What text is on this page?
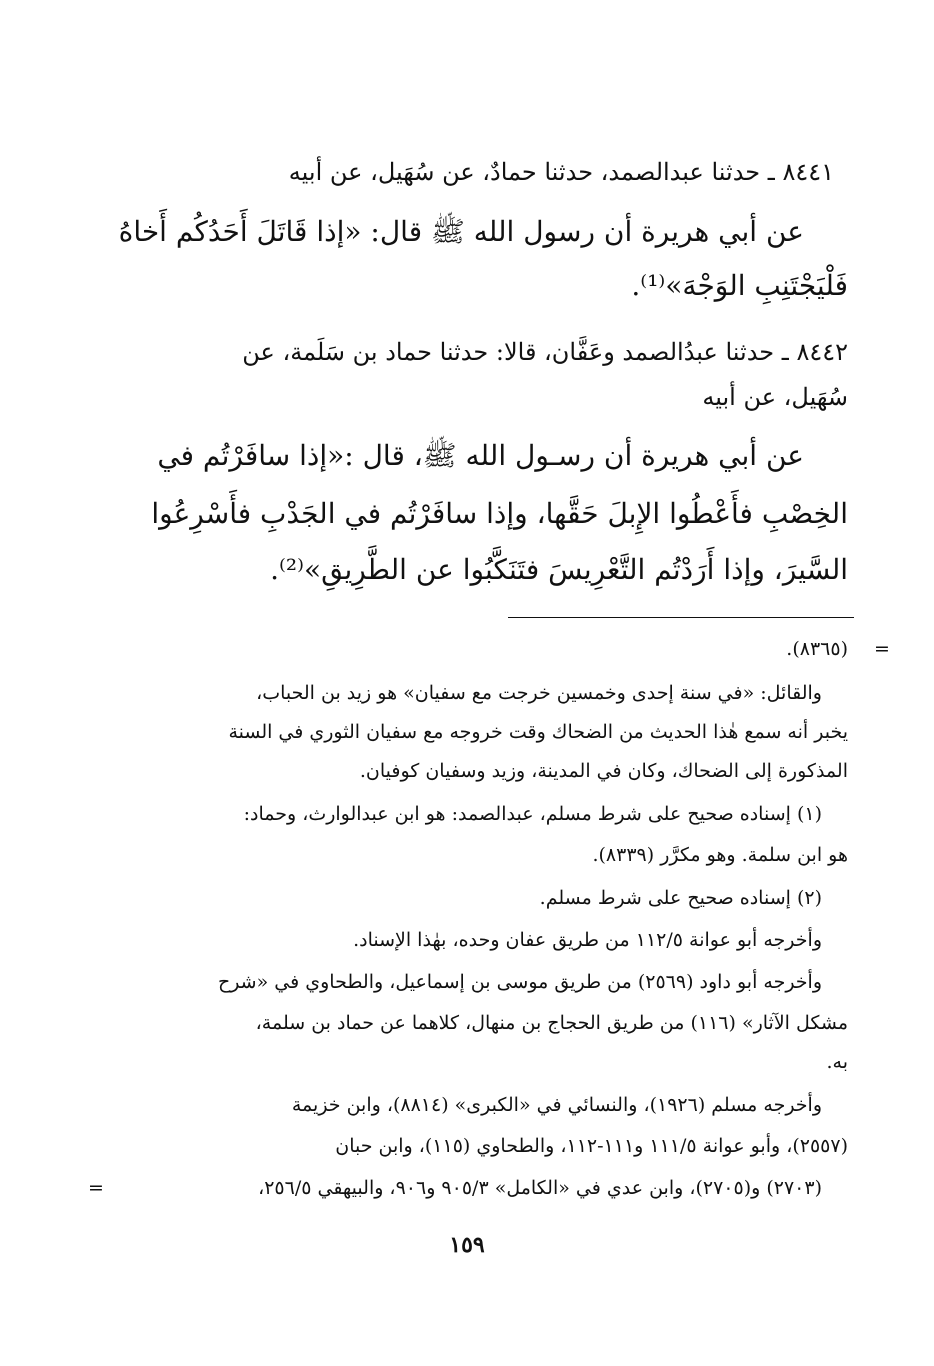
٨٤٤١ ـ حدثنا عبدالصمد، حدثنا حمادٌ، عن سُهَيل، عن أبيه
عن أبي هريرة أن رسول الله ﷺ قال: «إذا قَاتَلَ أَحَدُكُم أَخاهُ
فَلْيَجْتَنِبِ الوَجْهَ»⁽¹⁾.
٨٤٤٢ ـ حدثنا عبدُالصمد وعَفَّان، قالا: حدثنا حماد بن سَلَمة، عن
سُهَيل، عن أبيه
عن أبي هريرة أن رسـول الله ﷺ، قال :«إذا سافَرْتُم في
الخِصْبِ فأَعْطُوا الإِبلَ حَقَّها، وإذا سافَرْتُم في الجَدْبِ فأَسْرِعُوا
السَّيرَ، وإذا أَرَدْتُم التَّعْرِيسَ فتَنَكَّبُوا عن الطَّرِيقِ»⁽²⁾.
=
(٨٣٦٥).
والقائل: «في سنة إحدى وخمسين خرجت مع سفيان» هو زيد بن الحباب،
يخبر أنه سمع هٰذا الحديث من الضحاك وقت خروجه مع سفيان الثوري في السنة
المذكورة إلى الضحاك، وكان في المدينة، وزيد وسفيان كوفيان.
(١) إسناده صحيح على شرط مسلم، عبدالصمد: هو ابن عبدالوارث، وحماد:
هو ابن سلمة. وهو مكرَّر (٨٣٣٩).
(٢) إسناده صحيح على شرط مسلم.
وأخرجه أبو عوانة ١١٢/٥ من طريق عفان وحده، بهٰذا الإسناد.
وأخرجه أبو داود (٢٥٦٩) من طريق موسى بن إسماعيل، والطحاوي في «شرح
مشكل الآثار» (١١٦) من طريق الحجاج بن منهال، كلاهما عن حماد بن سلمة،
به.
وأخرجه مسلم (١٩٢٦)، والنسائي في «الكبرى» (٨٨١٤)، وابن خزيمة
(٢٥٥٧)، وأبو عوانة ١١١/٥ و١١١-١١٢، والطحاوي (١١٥)، وابن حبان
(٢٧٠٣) و(٢٧٠٥)، وابن عدي في «الكامل» ٩٠٥/٣ و٩٠٦، والبيهقي ٢٥٦/٥،
=
١٥٩
